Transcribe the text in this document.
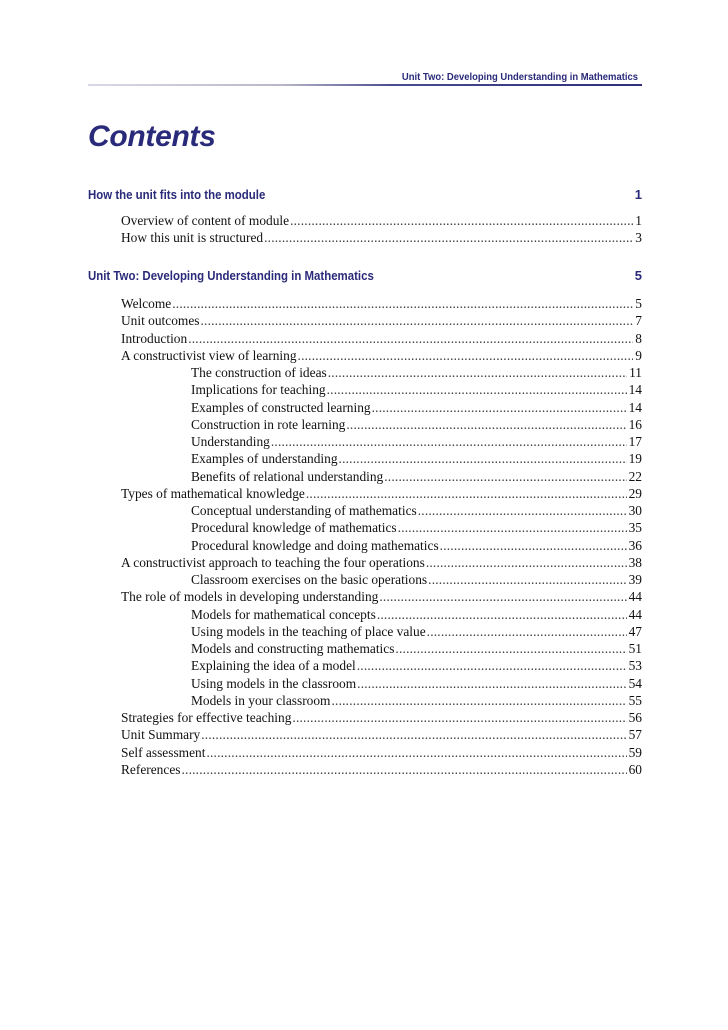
Unit Two: Developing Understanding in Mathematics
Contents
How the unit fits into the module	1
Overview of content of module .....	1
How this unit is structured .....	3
Unit Two: Developing Understanding in Mathematics	5
Welcome .....	5
Unit outcomes .....	7
Introduction .....	8
A constructivist view of learning .....	9
The construction of ideas .....	11
Implications for teaching .....	14
Examples of constructed learning .....	14
Construction in rote learning .....	16
Understanding .....	17
Examples of understanding .....	19
Benefits of relational understanding .....	22
Types of mathematical knowledge .....	29
Conceptual understanding of mathematics .....	30
Procedural knowledge of mathematics .....	35
Procedural knowledge and doing mathematics .....	36
A constructivist approach to teaching the four operations .....	38
Classroom exercises on the basic operations .....	39
The role of models in developing understanding .....	44
Models for mathematical concepts .....	44
Using models in the teaching of place value .....	47
Models and constructing mathematics .....	51
Explaining the idea of a model .....	53
Using models in the classroom .....	54
Models in your classroom .....	55
Strategies for effective teaching .....	56
Unit Summary .....	57
Self assessment .....	59
References .....	60
